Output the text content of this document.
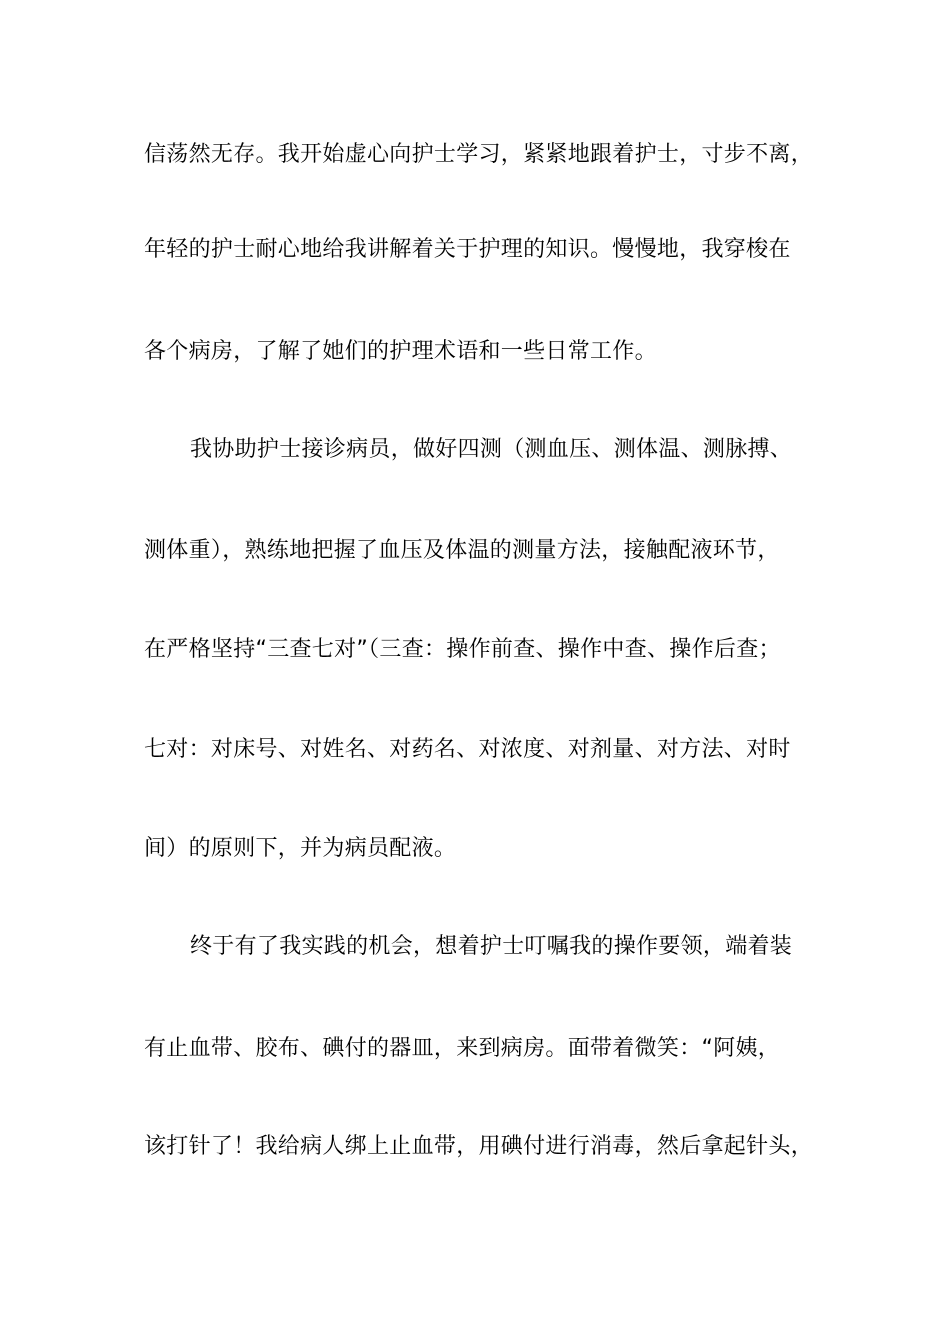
信荡然无存。我开始虚心向护士学习，紧紧地跟着护士，寸步不离，
年轻的护士耐心地给我讲解着关于护理的知识。慢慢地，我穿梭在
各个病房，了解了她们的护理术语和一些日常工作。
我协助护士接诊病员，做好四测（测血压、测体温、测脉搏、
测体重），熟练地把握了血压及体温的测量方法，接触配液环节，
在严格坚持“三查七对”（三查：操作前查、操作中查、操作后查；
七对：对床号、对姓名、对药名、对浓度、对剂量、对方法、对时
间）的原则下，并为病员配液。
终于有了我实践的机会，想着护士叮嘱我的操作要领，端着装
有止血带、胶布、碘付的器皿，来到病房。面带着微笑：“阿姨，
该打针了！我给病人绑上止血带，用碘付进行消毒，然后拿起针头，
